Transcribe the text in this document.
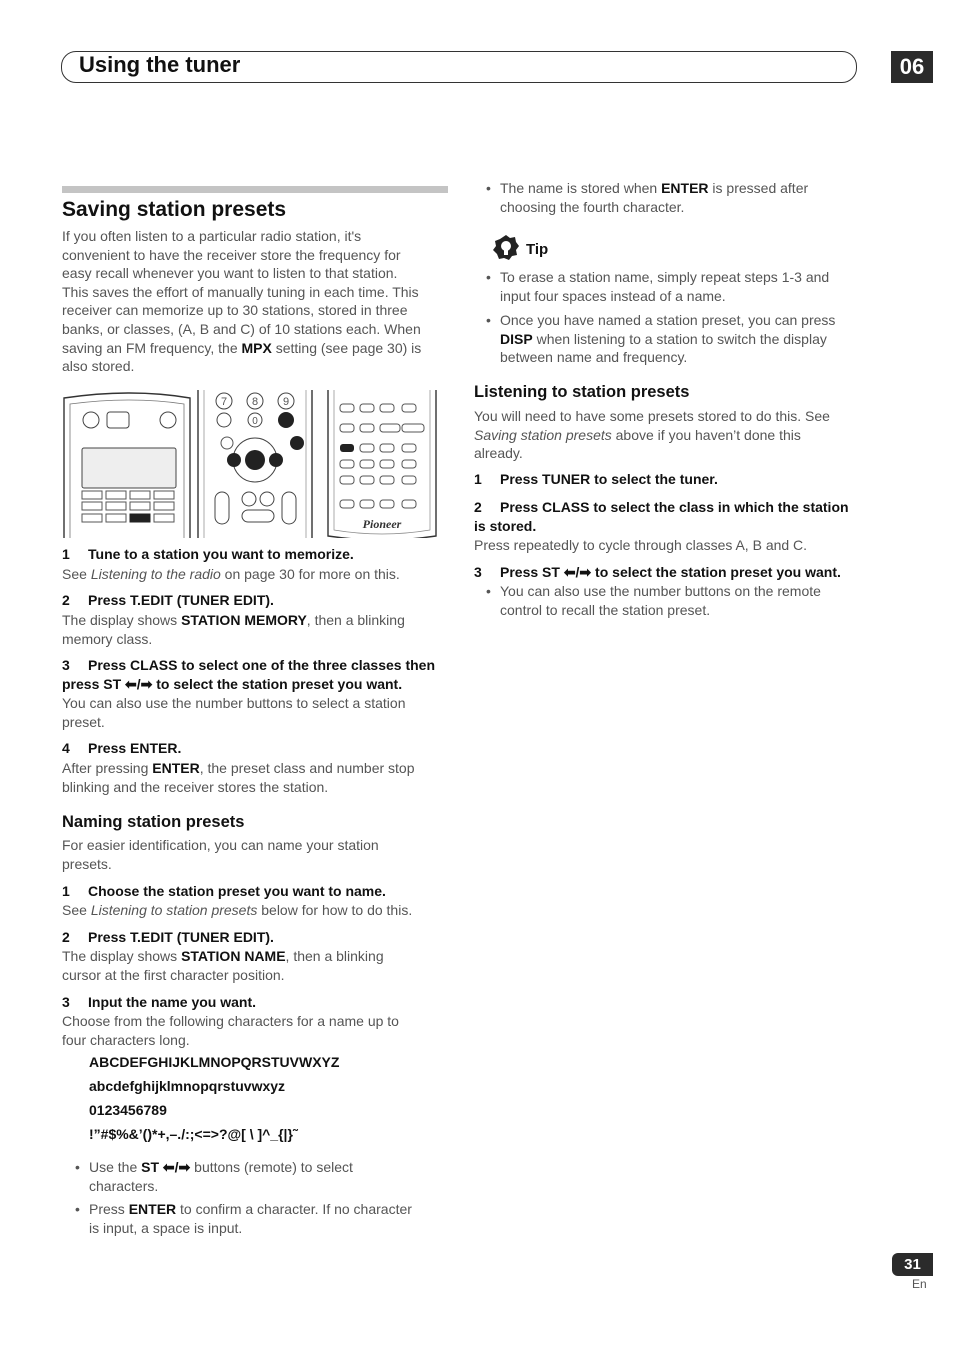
Using the tuner	06
Saving station presets
If you often listen to a particular radio station, it's
convenient to have the receiver store the frequency for
easy recall whenever you want to listen to that station.
This saves the effort of manually tuning in each time. This
receiver can memorize up to 30 stations, stored in three
banks, or classes, (A, B and C) of 10 stations each. When
saving an FM frequency, the MPX setting (see page 30) is
also stored.
7 8 9
0
Pioneer
1 Tune to a station you want to memorize.
See Listening to the radio on page 30 for more on this.
2 Press T.EDIT (TUNER EDIT).
The display shows STATION MEMORY, then a blinking
memory class.
3 Press CLASS to select one of the three classes then
press ST ⬅/➡ to select the station preset you want.
You can also use the number buttons to select a station
preset.
4 Press ENTER.
After pressing ENTER, the preset class and number stop
blinking and the receiver stores the station.
Naming station presets
For easier identification, you can name your station
presets.
1 Choose the station preset you want to name.
See Listening to station presets below for how to do this.
2 Press T.EDIT (TUNER EDIT).
The display shows STATION NAME, then a blinking
cursor at the first character position.
3 Input the name you want.
Choose from the following characters for a name up to
four characters long.
ABCDEFGHIJKLMNOPQRSTUVWXYZ
abcdefghijklmnopqrstuvwxyz
0123456789
!”#$%&’()*+,–./:;<=>?@[ \ ]^_{|}˜
• Use the ST ⬅/➡ buttons (remote) to select
characters.
• Press ENTER to confirm a character. If no character
is input, a space is input.
• The name is stored when ENTER is pressed after
choosing the fourth character.
Tip
• To erase a station name, simply repeat steps 1-3 and
input four spaces instead of a name.
• Once you have named a station preset, you can press
DISP when listening to a station to switch the display
between name and frequency.
Listening to station presets
You will need to have some presets stored to do this. See
Saving station presets above if you haven’t done this
already.
1 Press TUNER to select the tuner.
2 Press CLASS to select the class in which the station
is stored.
Press repeatedly to cycle through classes A, B and C.
3 Press ST ⬅/➡ to select the station preset you want.
• You can also use the number buttons on the remote
control to recall the station preset.
31
En
